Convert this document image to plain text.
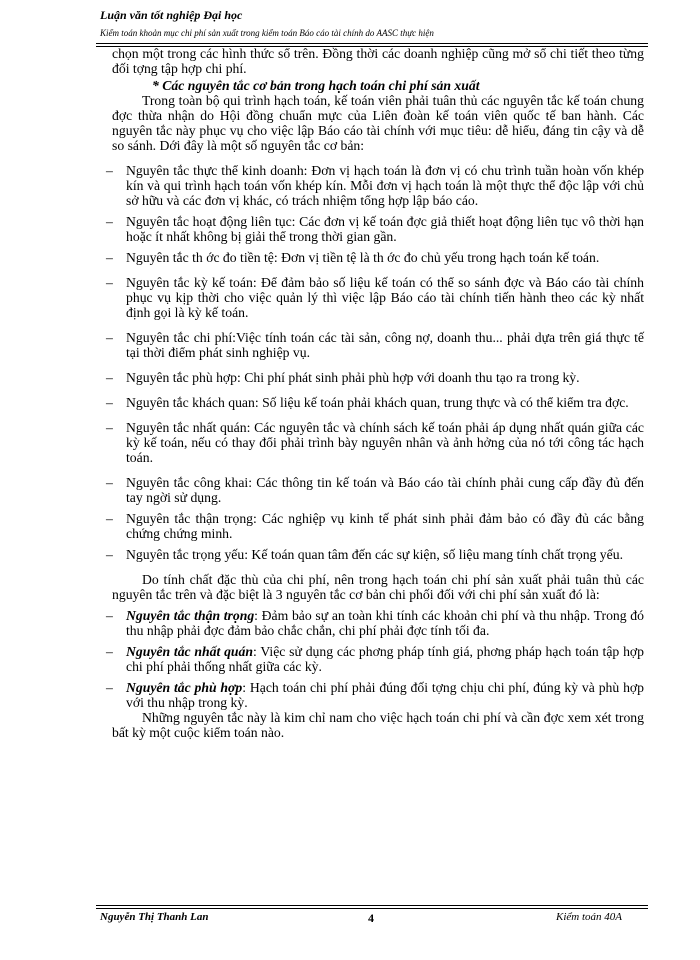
Luận văn tốt nghiệp Đại học
Kiểm toán khoản mục chi phí sản xuất trong kiểm toán Báo cáo tài chính do AASC thực hiện

chọn một trong các hình thức sổ trên. Đồng thời các doanh nghiệp cũng mở sổ chi tiết theo từng đối tợng tập hợp chi phí.

* Các nguyên tắc cơ bản trong hạch toán chi phí sản xuất

Trong toàn bộ qui trình hạch toán, kế toán viên phải tuân thủ các nguyên tắc kế toán chung đợc thừa nhận do Hội đồng chuẩn mực của Liên đoàn kế toán viên quốc tế ban hành. Các nguyên tắc này phục vụ cho việc lập Báo cáo tài chính với mục tiêu: dễ hiểu, đáng tin cậy và dễ so sánh. Dới đây là một số nguyên tắc cơ bản:

– Nguyên tắc thực thể kinh doanh: Đơn vị hạch toán là đơn vị có chu trình tuần hoàn vốn khép kín và qui trình hạch toán vốn khép kín. Mỗi đơn vị hạch toán là một thực thể độc lập với chủ sở hữu và các đơn vị khác, có trách nhiệm tổng hợp lập báo cáo.

– Nguyên tắc hoạt động liên tục: Các đơn vị kế toán đợc giả thiết hoạt động liên tục vô thời hạn hoặc ít nhất không bị giải thể trong thời gian gần.

– Nguyên tắc th ớc đo tiền tệ: Đơn vị tiền tệ là th ớc đo chủ yếu trong hạch toán kế toán.

– Nguyên tắc kỳ kế toán: Để đảm bảo số liệu kế toán có thể so sánh đợc và Báo cáo tài chính phục vụ kịp thời cho việc quản lý thì việc lập Báo cáo tài chính tiến hành theo các kỳ nhất định gọi là kỳ kế toán.

– Nguyên tắc chi phí:Việc tính toán các tài sản, công nợ, doanh thu... phải dựa trên giá thực tế tại thời điểm phát sinh nghiệp vụ.

– Nguyên tắc phù hợp: Chi phí phát sinh phải phù hợp với doanh thu tạo ra trong kỳ.

– Nguyên tắc khách quan: Số liệu kế toán phải khách quan, trung thực và có thể kiểm tra đợc.

– Nguyên tắc nhất quán: Các nguyên tắc và chính sách kế toán phải áp dụng nhất quán giữa các kỳ kế toán, nếu có thay đổi phải trình bày nguyên nhân và ảnh hởng của nó tới công tác hạch toán.

– Nguyên tắc công khai: Các thông tin kế toán và Báo cáo tài chính phải cung cấp đầy đủ đến tay ngời sử dụng.

– Nguyên tắc thận trọng: Các nghiệp vụ kinh tế phát sinh phải đảm bảo có đầy đủ các bằng chứng chứng minh.

– Nguyên tắc trọng yếu: Kế toán quan tâm đến các sự kiện, số liệu mang tính chất trọng yếu.

Do tính chất đặc thù của chi phí, nên trong hạch toán chi phí sản xuất phải tuân thủ các nguyên tắc trên và đặc biệt là 3 nguyên tắc cơ bản chi phối đối với chi phí sản xuất đó là:

– Nguyên tắc thận trọng: Đảm bảo sự an toàn khi tính các khoản chi phí và thu nhập. Trong đó thu nhập phải đợc đảm bảo chắc chắn, chi phí phải đợc tính tối đa.

– Nguyên tắc nhất quán: Việc sử dụng các phơng pháp tính giá, phơng pháp hạch toán tập hợp chi phí phải thống nhất giữa các kỳ.

– Nguyên tắc phù hợp: Hạch toán chi phí phải đúng đối tợng chịu chi phí, đúng kỳ và phù hợp với thu nhập trong kỳ.

Những nguyên tắc này là kim chỉ nam cho việc hạch toán chi phí và cần đợc xem xét trong bất kỳ một cuộc kiểm toán nào.

Nguyễn Thị Thanh Lan	4	Kiểm toán 40A
